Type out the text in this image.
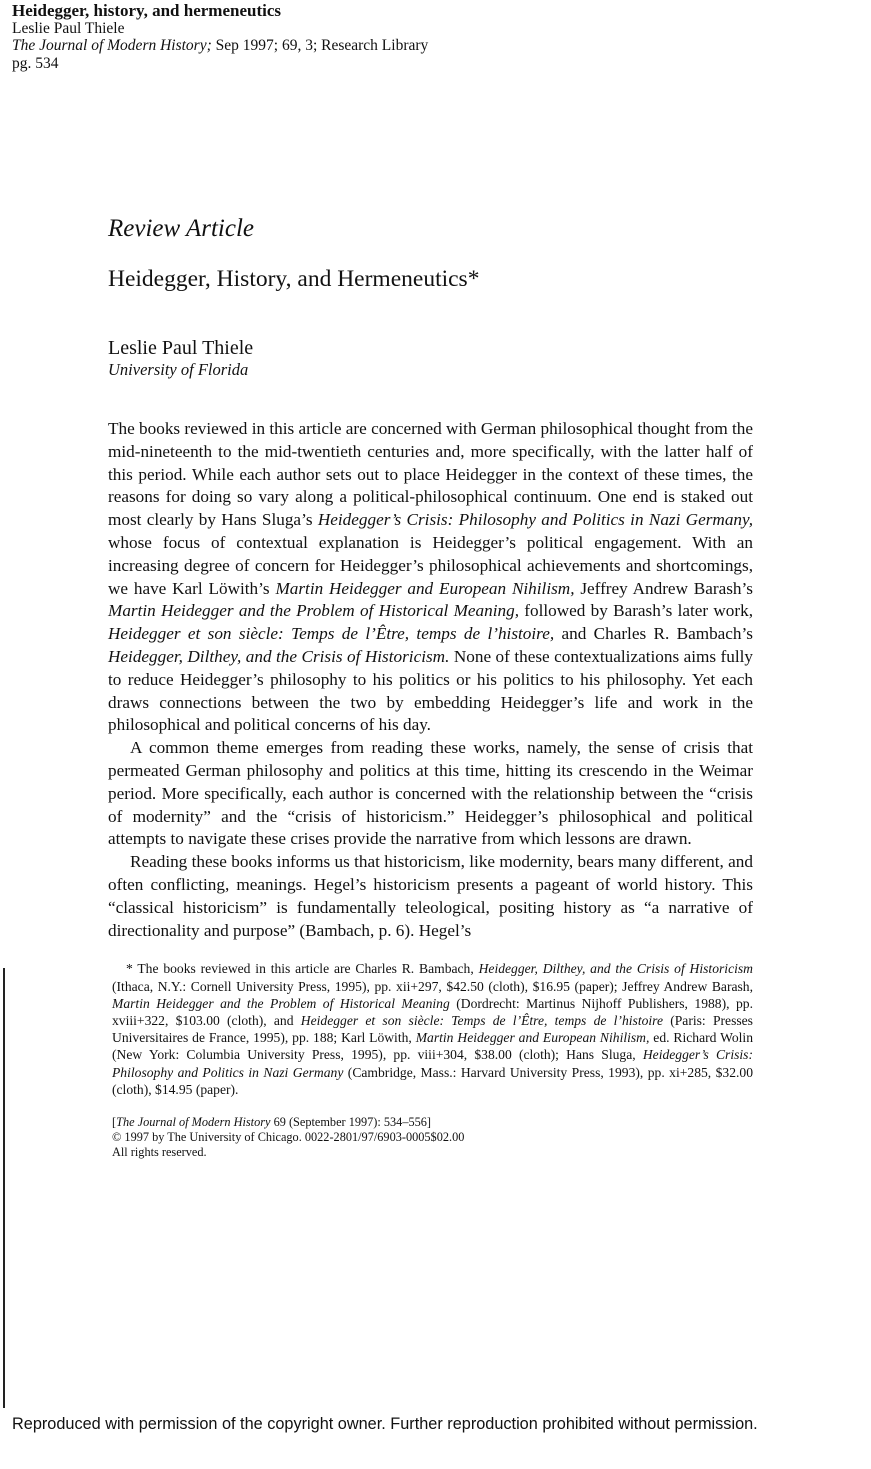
Heidegger, history, and hermeneutics
Leslie Paul Thiele
The Journal of Modern History; Sep 1997; 69, 3; Research Library
pg. 534
Review Article
Heidegger, History, and Hermeneutics*
Leslie Paul Thiele
University of Florida

The books reviewed in this article are concerned with German philosophical thought from the mid-nineteenth to the mid-twentieth centuries and, more specifically, with the latter half of this period. While each author sets out to place Heidegger in the context of these times, the reasons for doing so vary along a political-philosophical continuum. One end is staked out most clearly by Hans Sluga’s Heidegger’s Crisis: Philosophy and Politics in Nazi Germany, whose focus of contextual explanation is Heidegger’s political engagement. With an increasing degree of concern for Heidegger’s philosophical achievements and shortcomings, we have Karl Löwith’s Martin Heidegger and European Nihilism, Jeffrey Andrew Barash’s Martin Heidegger and the Problem of Historical Meaning, followed by Barash’s later work, Heidegger et son siècle: Temps de l’Être, temps de l’histoire, and Charles R. Bambach’s Heidegger, Dilthey, and the Crisis of Historicism. None of these contextualizations aims fully to reduce Heidegger’s philosophy to his politics or his politics to his philosophy. Yet each draws connections between the two by embedding Heidegger’s life and work in the philosophical and political concerns of his day.

A common theme emerges from reading these works, namely, the sense of crisis that permeated German philosophy and politics at this time, hitting its crescendo in the Weimar period. More specifically, each author is concerned with the relationship between the “crisis of modernity” and the “crisis of historicism.” Heidegger’s philosophical and political attempts to navigate these crises provide the narrative from which lessons are drawn.

Reading these books informs us that historicism, like modernity, bears many different, and often conflicting, meanings. Hegel’s historicism presents a pageant of world history. This “classical historicism” is fundamentally teleological, positing history as “a narrative of directionality and purpose” (Bambach, p. 6). Hegel’s

* The books reviewed in this article are Charles R. Bambach, Heidegger, Dilthey, and the Crisis of Historicism (Ithaca, N.Y.: Cornell University Press, 1995), pp. xii+297, $42.50 (cloth), $16.95 (paper); Jeffrey Andrew Barash, Martin Heidegger and the Problem of Historical Meaning (Dordrecht: Martinus Nijhoff Publishers, 1988), pp. xviii+322, $103.00 (cloth), and Heidegger et son siècle: Temps de l’Être, temps de l’histoire (Paris: Presses Universitaires de France, 1995), pp. 188; Karl Löwith, Martin Heidegger and European Nihilism, ed. Richard Wolin (New York: Columbia University Press, 1995), pp. viii+304, $38.00 (cloth); Hans Sluga, Heidegger’s Crisis: Philosophy and Politics in Nazi Germany (Cambridge, Mass.: Harvard University Press, 1993), pp. xi+285, $32.00 (cloth), $14.95 (paper).

[The Journal of Modern History 69 (September 1997): 534–556]
© 1997 by The University of Chicago. 0022-2801/97/6903-0005$02.00
All rights reserved.
Reproduced with permission of the copyright owner. Further reproduction prohibited without permission.
